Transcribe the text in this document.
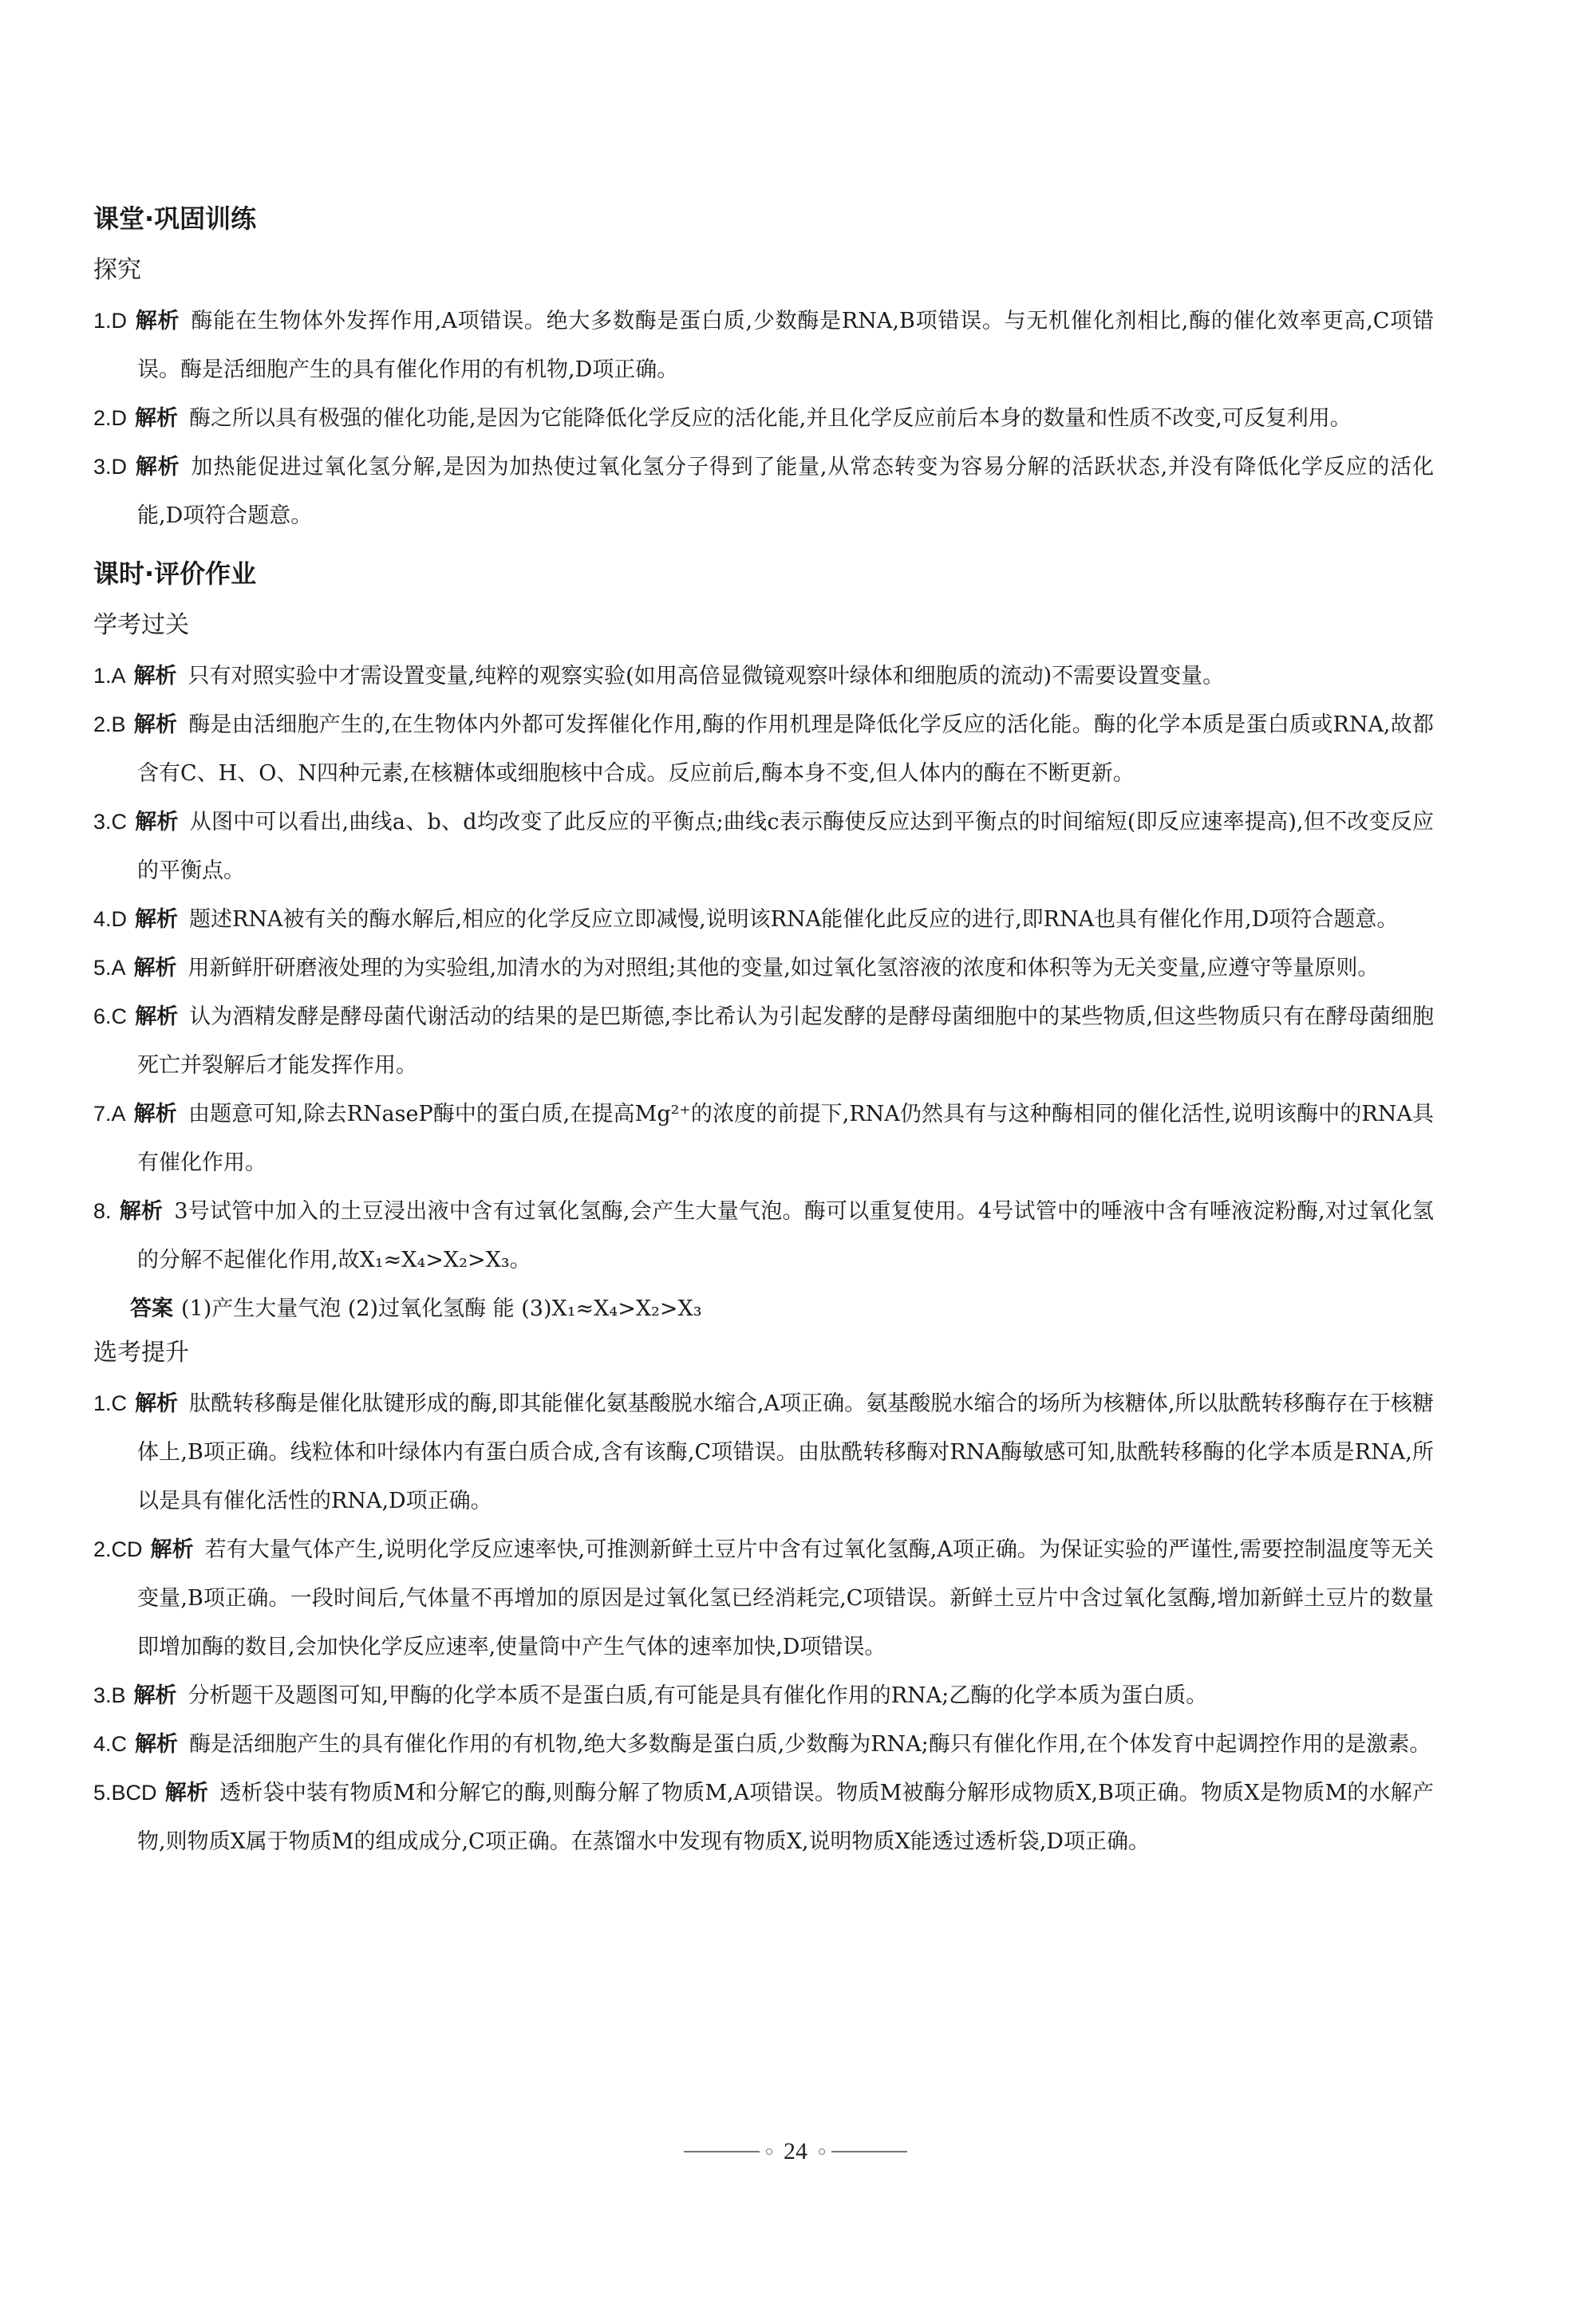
课堂·巩固训练
探究
1.D 解析 酶能在生物体外发挥作用,A项错误。绝大多数酶是蛋白质,少数酶是RNA,B项错误。与无机催化剂相比,酶的催化效率更高,C项错误。酶是活细胞产生的具有催化作用的有机物,D项正确。
2.D 解析 酶之所以具有极强的催化功能,是因为它能降低化学反应的活化能,并且化学反应前后本身的数量和性质不改变,可反复利用。
3.D 解析 加热能促进过氧化氢分解,是因为加热使过氧化氢分子得到了能量,从常态转变为容易分解的活跃状态,并没有降低化学反应的活化能,D项符合题意。
课时·评价作业
学考过关
1.A 解析 只有对照实验中才需设置变量,纯粹的观察实验(如用高倍显微镜观察叶绿体和细胞质的流动)不需要设置变量。
2.B 解析 酶是由活细胞产生的,在生物体内外都可发挥催化作用,酶的作用机理是降低化学反应的活化能。酶的化学本质是蛋白质或RNA,故都含有C、H、O、N四种元素,在核糖体或细胞核中合成。反应前后,酶本身不变,但人体内的酶在不断更新。
3.C 解析 从图中可以看出,曲线a、b、d均改变了此反应的平衡点;曲线c表示酶使反应达到平衡点的时间缩短(即反应速率提高),但不改变反应的平衡点。
4.D 解析 题述RNA被有关的酶水解后,相应的化学反应立即减慢,说明该RNA能催化此反应的进行,即RNA也具有催化作用,D项符合题意。
5.A 解析 用新鲜肝研磨液处理的为实验组,加清水的为对照组;其他的变量,如过氧化氢溶液的浓度和体积等为无关变量,应遵守等量原则。
6.C 解析 认为酒精发酵是酵母菌代谢活动的结果的是巴斯德,李比希认为引起发酵的是酵母菌细胞中的某些物质,但这些物质只有在酵母菌细胞死亡并裂解后才能发挥作用。
7.A 解析 由题意可知,除去RNaseP酶中的蛋白质,在提高Mg²⁺的浓度的前提下,RNA仍然具有与这种酶相同的催化活性,说明该酶中的RNA具有催化作用。
8. 解析 3号试管中加入的土豆浸出液中含有过氧化氢酶,会产生大量气泡。酶可以重复使用。4号试管中的唾液中含有唾液淀粉酶,对过氧化氢的分解不起催化作用,故X₁≈X₄>X₂>X₃。
答案 (1)产生大量气泡 (2)过氧化氢酶 能 (3)X₁≈X₄>X₂>X₃
选考提升
1.C 解析 肽酰转移酶是催化肽键形成的酶,即其能催化氨基酸脱水缩合,A项正确。氨基酸脱水缩合的场所为核糖体,所以肽酰转移酶存在于核糖体上,B项正确。线粒体和叶绿体内有蛋白质合成,含有该酶,C项错误。由肽酰转移酶对RNA酶敏感可知,肽酰转移酶的化学本质是RNA,所以是具有催化活性的RNA,D项正确。
2.CD 解析 若有大量气体产生,说明化学反应速率快,可推测新鲜土豆片中含有过氧化氢酶,A项正确。为保证实验的严谨性,需要控制温度等无关变量,B项正确。一段时间后,气体量不再增加的原因是过氧化氢已经消耗完,C项错误。新鲜土豆片中含过氧化氢酶,增加新鲜土豆片的数量即增加酶的数目,会加快化学反应速率,使量筒中产生气体的速率加快,D项错误。
3.B 解析 分析题干及题图可知,甲酶的化学本质不是蛋白质,有可能是具有催化作用的RNA;乙酶的化学本质为蛋白质。
4.C 解析 酶是活细胞产生的具有催化作用的有机物,绝大多数酶是蛋白质,少数酶为RNA;酶只有催化作用,在个体发育中起调控作用的是激素。
5.BCD 解析 透析袋中装有物质M和分解它的酶,则酶分解了物质M,A项错误。物质M被酶分解形成物质X,B项正确。物质X是物质M的水解产物,则物质X属于物质M的组成成分,C项正确。在蒸馏水中发现有物质X,说明物质X能透过透析袋,D项正确。
24
